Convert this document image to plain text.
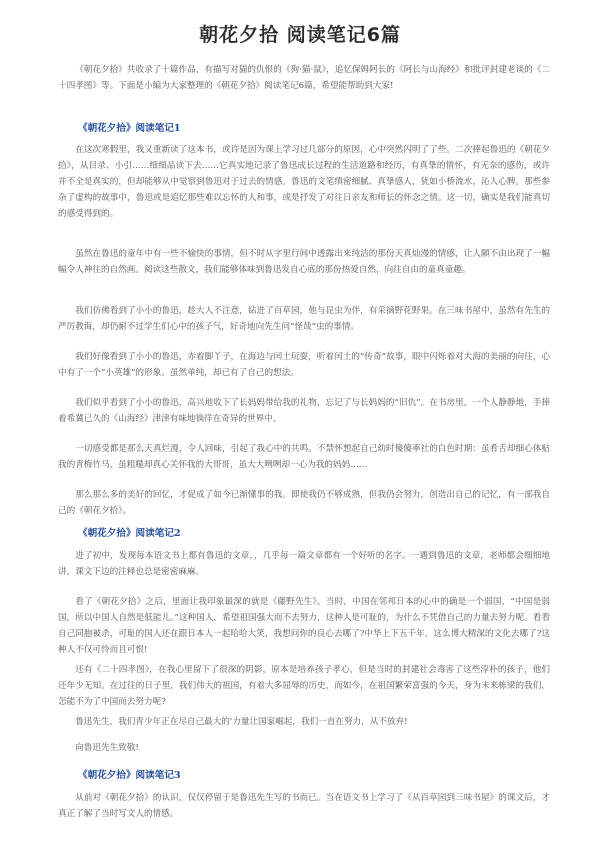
朝花夕拾 阅读笔记6篇

《朝花夕拾》共收录了十篇作品，有描写对猫的仇恨的《狗·猫·鼠》，追忆保姆阿长的《阿长与山海经》和批评封建老谈的《二十四孝图》等。下面是小编为大家整理的《朝花夕拾》阅读笔记6篇，希望能帮助到大家!

《朝花夕拾》阅读笔记1

在这次寒假里，我又重新读了这本书，或许是因为课上学习过几部分的原因，心中突然闪明了了些。二次捧起鲁迅的《朝花夕拾》，从目录、小引……细细品读下去……它真实地记录了鲁迅成长过程的生活道路和经历，有真挚的情怀，有无奈的感伤，或许并不全是真实的，但却能够从中觉察到鲁迅对于过去的情感。鲁迅的文笔缜密细腻、真挚感人，犹如小桥流水，沁人心脾。那些参杂了虚构的故事中，鲁迅或是追忆那些难以忘怀的人和事，或是抒发了对往日亲友和师长的怀念之情。这一切，确实是我们能真切的感受得到的。

虽然在鲁迅的童年中有一些不愉快的事情，但不时从字里行间中透露出来纯洁的那份天真灿漫的情感，让人願不由出现了一幅幅令人神往的自然画。阅读这些散文，我们能够体味到鲁迅发自心底的那份热爱自然，向往自由的童真童趣。

我们仿佛看到了小小的鲁迅，趁大人不注意，钻进了百草园，他与昆虫为伴，有采摘野花野果。在三味书屋中，虽然有先生的严厉教诲，却仍耐不过学生们心中的孩子气，好奇地向先生问“怪哉”虫的事情。

我们好像看到了小小的鲁迅，赤着脚丫子，在海边与闰土玩耍，听着闰土的“传奇”故事，眼中闪烁着对大海的美丽的向往，心中有了一个“小英雄”的形象。虽然单纯，却已有了自己的想法。

我们似乎看到了小小的鲁迅，高兴地收下了长妈妈带给我的礼物，忘记了与长妈妈的“旧仇”。在书房里，一个人静静地，手捧着希冀已久的《山海经》津津有味地徜徉在奇异的世界中。

一切感受都是那么天真烂漫，令人回味，引起了我心中的共鸣。不禁怀想起自己幼时傻傻率社的白色时期：虽肴舌却细心体贴我的青梅竹马，虽粗糙却真心关怀我的大哥哥，虽大大咧咧却一心为我的妈妈……

那么那么多的美好的回忆，才促成了如今已渐懂事的我。即使我仍不够成熟，但我仍会努力，创造出自己的记忆，有一部我自己的《朝花夕拾》。

《朝花夕拾》阅读笔记2

进了初中，发现每本语文书上都有鲁迅的文章，，几乎每一篇文章都有一个好听的名字。一遇到鲁迅的文章，老师都会细细地讲，课文下边的注释也总是密密麻麻。

看了《朝花夕拾》之后，里面让我印象最深的就是《藤野先生》。当时，中国在邻邦日本的心中的确是一个弱国，“中国是弱国，所以中国人自然是低能儿。”这种国人，希望祖国强大而不去努力，这种人是可耻的，为什么不凭借自己的力量去努力呢。看看自己同胞被杀，可耻的国人还在跟日本人一起哈哈大笑，我想问你的良心去哪了?中华上下五千年，这么博大精深的文化去哪了?这种人不仅可怜而且可恨!

还有《二十四孝图》，在我心里留下了很深的阴影，原本是培养孩子孝心，但是当时的封建社会毒害了这些淳朴的孩子，他们还年少无知。在过往的日子里，我们伟大的祖国，有着大多屈辱的历史，而如今，在祖国繁荣富强的今天，身为未来栋梁的我们，怎能不为了中国而去努力呢?

鲁迅先生，我们青少年正在尽自己最大的'力量让国家崛起，我们一直在努力，从不放弃!

向鲁迅先生致敬!

《朝花夕拾》阅读笔记3

从前对《朝花夕拾》的认识，仅仅停留于是鲁迅先生写的书而已。当在语文书上学习了《从百草园到三味书屋》的课文后，才真正了解了当时写文人的情感。
